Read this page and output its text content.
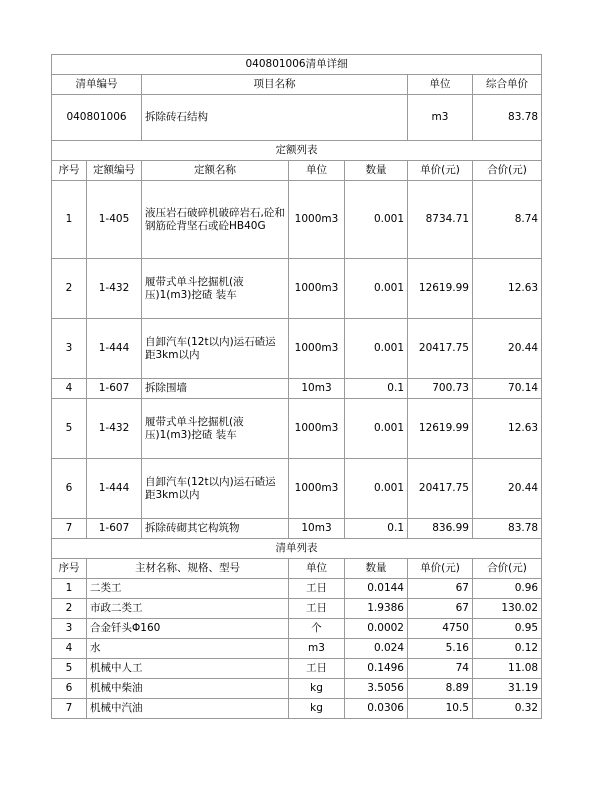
040801006清单详细						
清单编号		项目名称			单位	综合单价
040801006		拆除砖石结构			m3	83.78
定额列表						
序号	定额编号	定额名称	单位	数量	单价(元)	合价(元)
1	1-405	液压岩石破碎机破碎岩石,砼和钢筋砼背坚石或砼HB40G	1000m3	0.001	8734.71	8.74
2	1-432	履带式单斗挖掘机(液压)1(m3)挖碴 装车	1000m3	0.001	12619.99	12.63
3	1-444	自卸汽车(12t以内)运石碴运距3km以内	1000m3	0.001	20417.75	20.44
4	1-607	拆除围墙	10m3	0.1	700.73	70.14
5	1-432	履带式单斗挖掘机(液压)1(m3)挖碴 装车	1000m3	0.001	12619.99	12.63
6	1-444	自卸汽车(12t以内)运石碴运距3km以内	1000m3	0.001	20417.75	20.44
7	1-607	拆除砖砌其它构筑物	10m3	0.1	836.99	83.78
清单列表						
序号	主材名称、规格、型号		单位	数量	单价(元)	合价(元)
1	二类工		工日	0.0144	67	0.96
2	市政二类工		工日	1.9386	67	130.02
3	合金钎头Φ160		个	0.0002	4750	0.95
4	水		m3	0.024	5.16	0.12
5	机械中人工		工日	0.1496	74	11.08
6	机械中柴油		kg	3.5056	8.89	31.19
7	机械中汽油		kg	0.0306	10.5	0.32
